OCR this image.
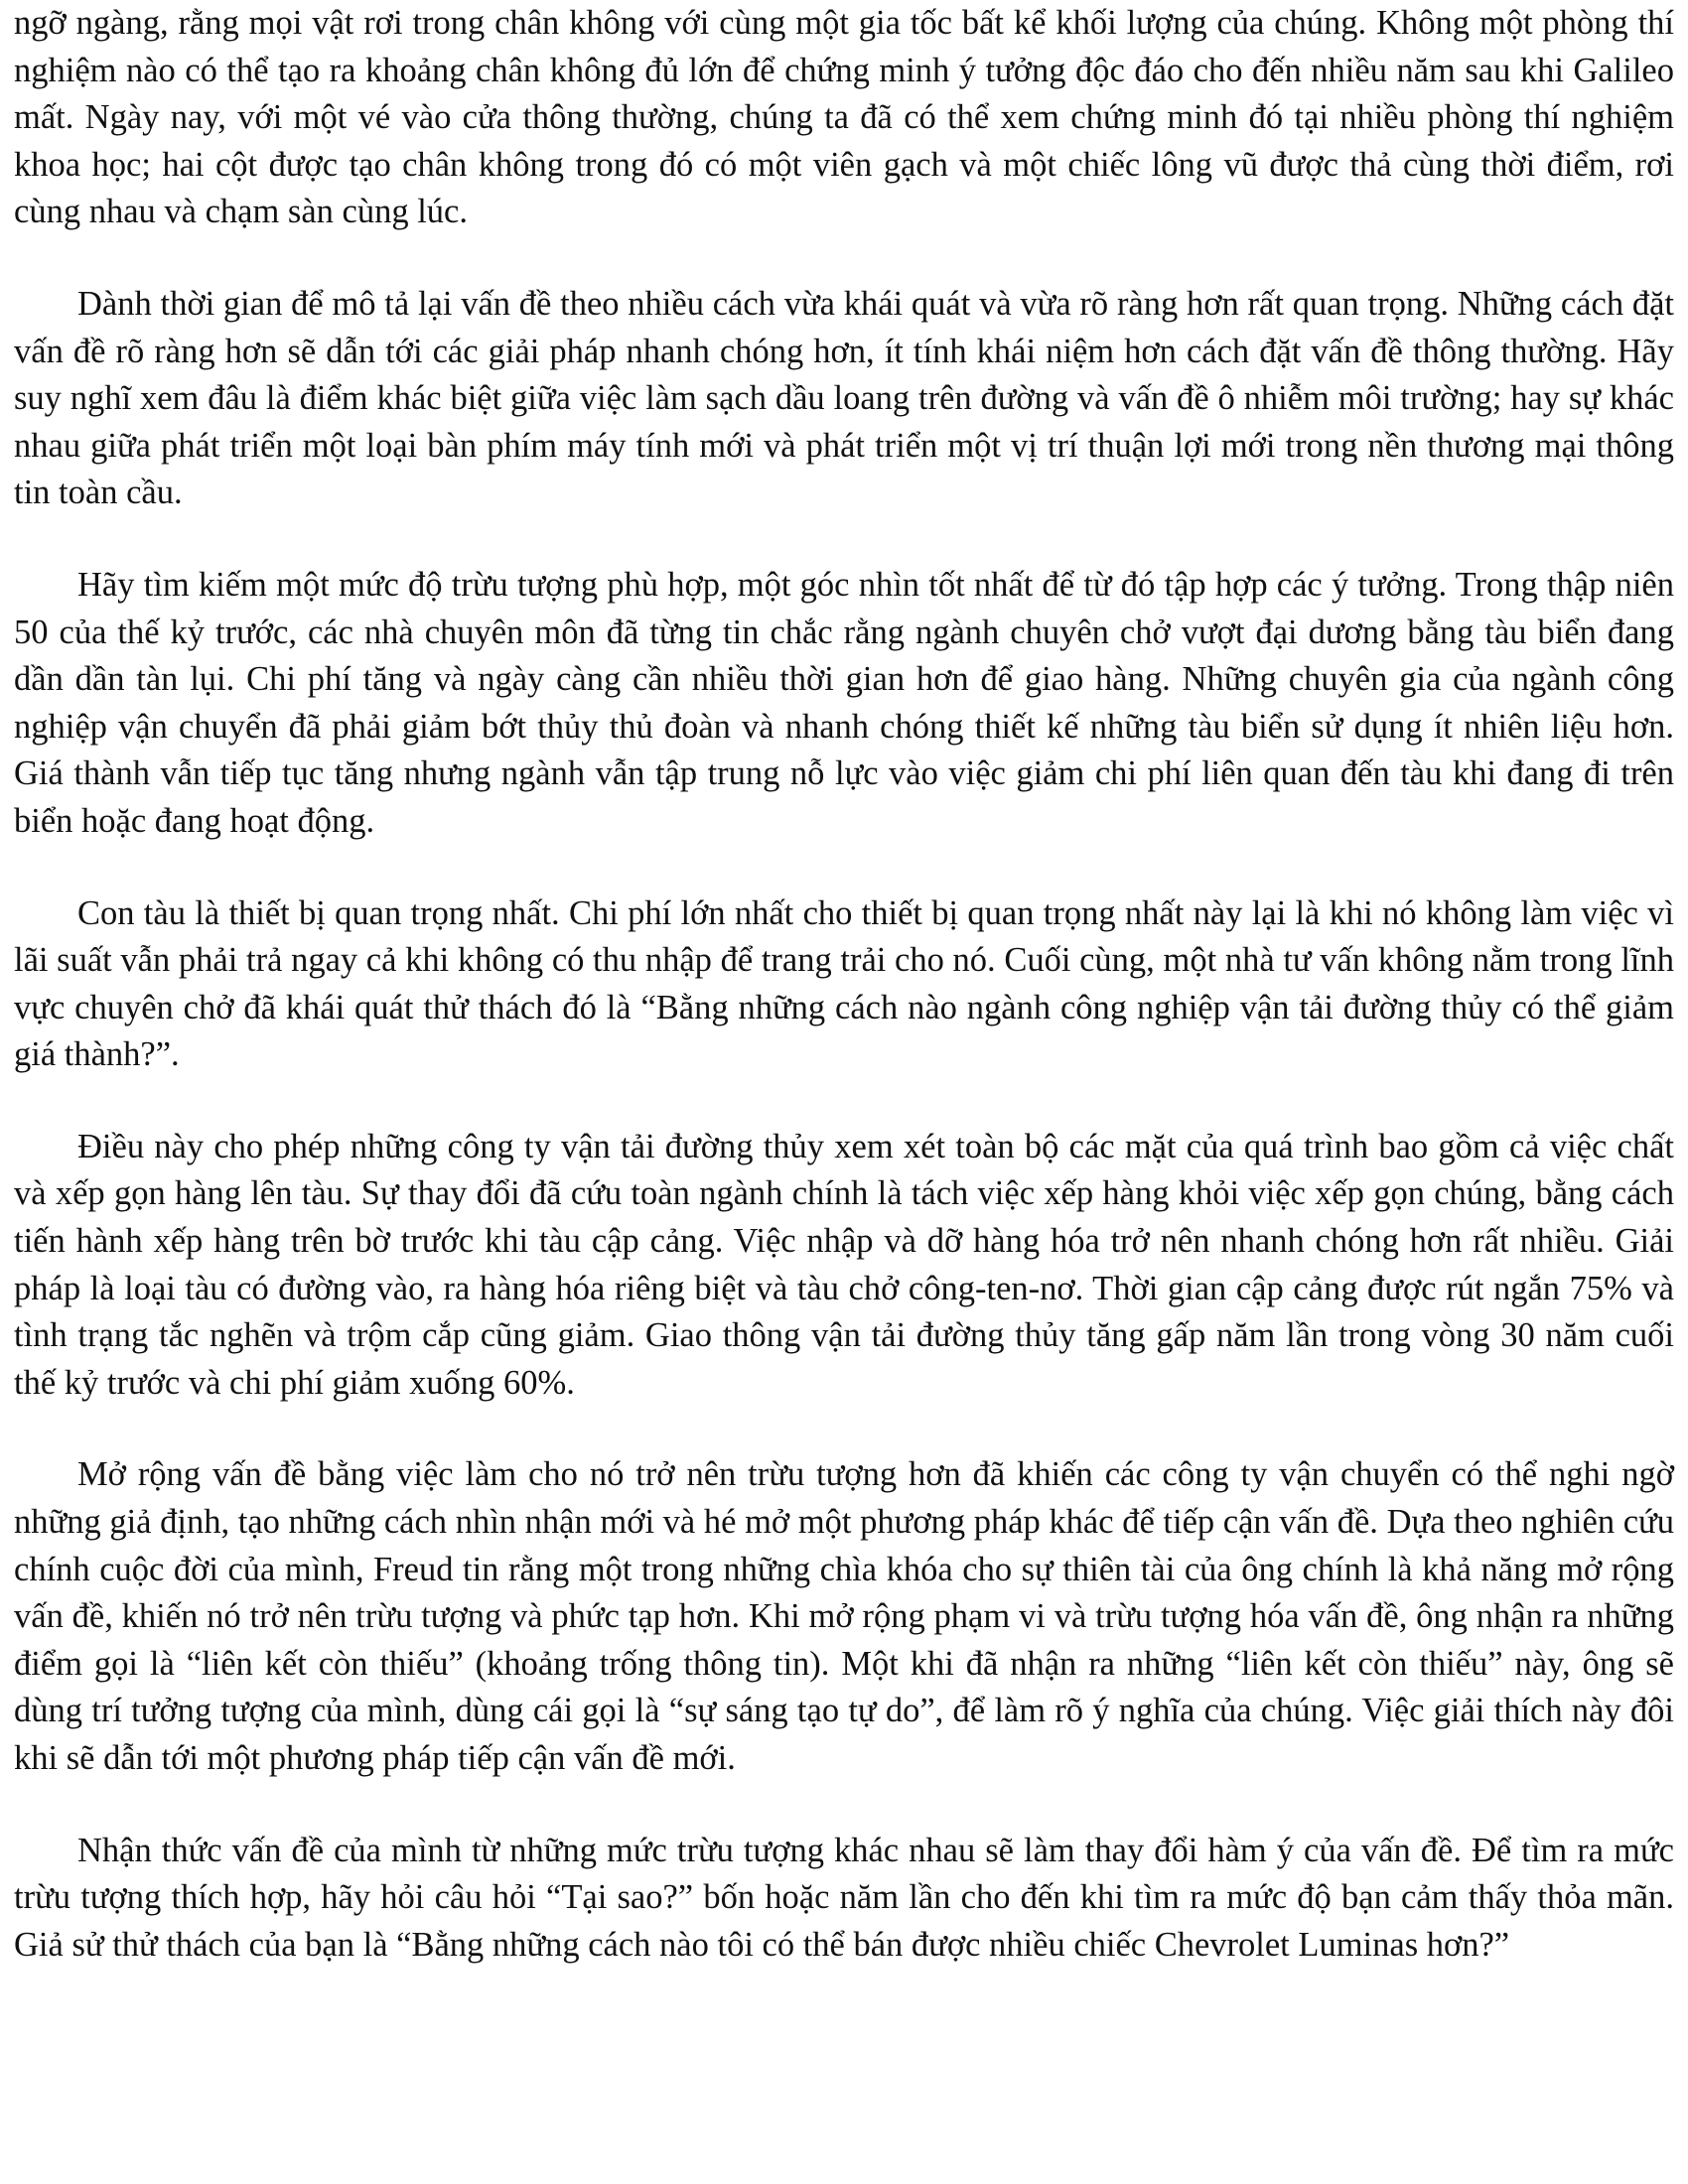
ngỡ ngàng, rằng mọi vật rơi trong chân không với cùng một gia tốc bất kể khối lượng của chúng. Không một phòng thí nghiệm nào có thể tạo ra khoảng chân không đủ lớn để chứng minh ý tưởng độc đáo cho đến nhiều năm sau khi Galileo mất. Ngày nay, với một vé vào cửa thông thường, chúng ta đã có thể xem chứng minh đó tại nhiều phòng thí nghiệm khoa học; hai cột được tạo chân không trong đó có một viên gạch và một chiếc lông vũ được thả cùng thời điểm, rơi cùng nhau và chạm sàn cùng lúc.

Dành thời gian để mô tả lại vấn đề theo nhiều cách vừa khái quát và vừa rõ ràng hơn rất quan trọng. Những cách đặt vấn đề rõ ràng hơn sẽ dẫn tới các giải pháp nhanh chóng hơn, ít tính khái niệm hơn cách đặt vấn đề thông thường. Hãy suy nghĩ xem đâu là điểm khác biệt giữa việc làm sạch dầu loang trên đường và vấn đề ô nhiễm môi trường; hay sự khác nhau giữa phát triển một loại bàn phím máy tính mới và phát triển một vị trí thuận lợi mới trong nền thương mại thông tin toàn cầu.

Hãy tìm kiếm một mức độ trừu tượng phù hợp, một góc nhìn tốt nhất để từ đó tập hợp các ý tưởng. Trong thập niên 50 của thế kỷ trước, các nhà chuyên môn đã từng tin chắc rằng ngành chuyên chở vượt đại dương bằng tàu biển đang dần dần tàn lụi. Chi phí tăng và ngày càng cần nhiều thời gian hơn để giao hàng. Những chuyên gia của ngành công nghiệp vận chuyển đã phải giảm bớt thủy thủ đoàn và nhanh chóng thiết kế những tàu biển sử dụng ít nhiên liệu hơn. Giá thành vẫn tiếp tục tăng nhưng ngành vẫn tập trung nỗ lực vào việc giảm chi phí liên quan đến tàu khi đang đi trên biển hoặc đang hoạt động.

Con tàu là thiết bị quan trọng nhất. Chi phí lớn nhất cho thiết bị quan trọng nhất này lại là khi nó không làm việc vì lãi suất vẫn phải trả ngay cả khi không có thu nhập để trang trải cho nó. Cuối cùng, một nhà tư vấn không nằm trong lĩnh vực chuyên chở đã khái quát thử thách đó là “Bằng những cách nào ngành công nghiệp vận tải đường thủy có thể giảm giá thành?”.

Điều này cho phép những công ty vận tải đường thủy xem xét toàn bộ các mặt của quá trình bao gồm cả việc chất và xếp gọn hàng lên tàu. Sự thay đổi đã cứu toàn ngành chính là tách việc xếp hàng khỏi việc xếp gọn chúng, bằng cách tiến hành xếp hàng trên bờ trước khi tàu cập cảng. Việc nhập và dỡ hàng hóa trở nên nhanh chóng hơn rất nhiều. Giải pháp là loại tàu có đường vào, ra hàng hóa riêng biệt và tàu chở công-ten-nơ. Thời gian cập cảng được rút ngắn 75% và tình trạng tắc nghẽn và trộm cắp cũng giảm. Giao thông vận tải đường thủy tăng gấp năm lần trong vòng 30 năm cuối thế kỷ trước và chi phí giảm xuống 60%.

Mở rộng vấn đề bằng việc làm cho nó trở nên trừu tượng hơn đã khiến các công ty vận chuyển có thể nghi ngờ những giả định, tạo những cách nhìn nhận mới và hé mở một phương pháp khác để tiếp cận vấn đề. Dựa theo nghiên cứu chính cuộc đời của mình, Freud tin rằng một trong những chìa khóa cho sự thiên tài của ông chính là khả năng mở rộng vấn đề, khiến nó trở nên trừu tượng và phức tạp hơn. Khi mở rộng phạm vi và trừu tượng hóa vấn đề, ông nhận ra những điểm gọi là “liên kết còn thiếu” (khoảng trống thông tin). Một khi đã nhận ra những “liên kết còn thiếu” này, ông sẽ dùng trí tưởng tượng của mình, dùng cái gọi là “sự sáng tạo tự do”, để làm rõ ý nghĩa của chúng. Việc giải thích này đôi khi sẽ dẫn tới một phương pháp tiếp cận vấn đề mới.

Nhận thức vấn đề của mình từ những mức trừu tượng khác nhau sẽ làm thay đổi hàm ý của vấn đề. Để tìm ra mức trừu tượng thích hợp, hãy hỏi câu hỏi “Tại sao?” bốn hoặc năm lần cho đến khi tìm ra mức độ bạn cảm thấy thỏa mãn. Giả sử thử thách của bạn là “Bằng những cách nào tôi có thể bán được nhiều chiếc Chevrolet Luminas hơn?”
